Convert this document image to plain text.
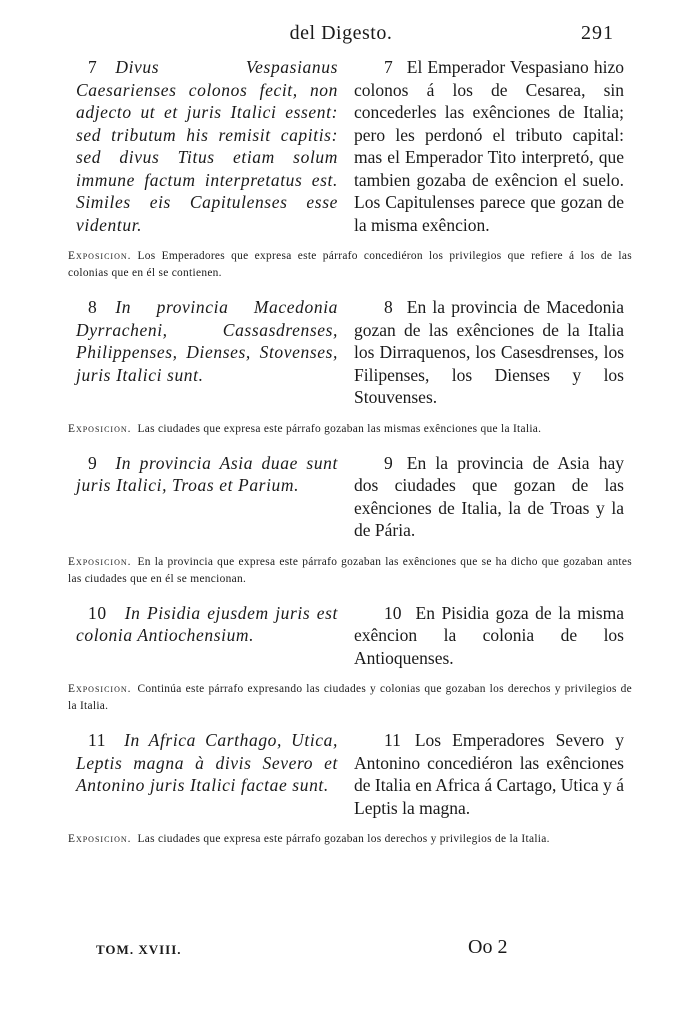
del Digesto.	291
7 Divus Vespasianus Caesarienses colonos fecit, non adjecto ut et juris Italici essent: sed tributum his remisit capitis: sed divus Titus etiam solum immune factum interpretatus est. Similes eis Capitulenses esse videntur.
7 El Emperador Vespasiano hizo colonos á los de Cesarea, sin concederles las exênciones de Italia; pero les perdonó el tributo capital: mas el Emperador Tito interpretó, que tambien gozaba de exêncion el suelo. Los Capitulenses parece que gozan de la misma exêncion.
Exposicion. Los Emperadores que expresa este párrafo concediéron los privilegios que refiere á los de las colonias que en él se contienen.
8 In provincia Macedonia Dyrracheni, Cassasdrenses, Philippenses, Dienses, Stovenses, juris Italici sunt.
8 En la provincia de Macedonia gozan de las exênciones de la Italia los Dirraquenos, los Casesdrenses, los Filipenses, los Dienses y los Stouvenses.
Exposicion. Las ciudades que expresa este párrafo gozaban las mismas exênciones que la Italia.
9 In provincia Asia duae sunt juris Italici, Troas et Parium.
9 En la provincia de Asia hay dos ciudades que gozan de las exênciones de Italia, la de Troas y la de Pária.
Exposicion. En la provincia que expresa este párrafo gozaban las exênciones que se ha dicho que gozaban antes las ciudades que en él se mencionan.
10 In Pisidia ejusdem juris est colonia Antiochensium.
10 En Pisidia goza de la misma exêncion la colonia de los Antioquenses.
Exposicion. Continúa este párrafo expresando las ciudades y colonias que gozaban los derechos y privilegios de la Italia.
11 In Africa Carthago, Utica, Leptis magna à divis Severo et Antonino juris Italici factae sunt.
11 Los Emperadores Severo y Antonino concediéron las exênciones de Italia en Africa á Cartago, Utica y á Leptis la magna.
Exposicion. Las ciudades que expresa este párrafo gozaban los derechos y privilegios de la Italia.
TOM. XVIII.	Oo 2
